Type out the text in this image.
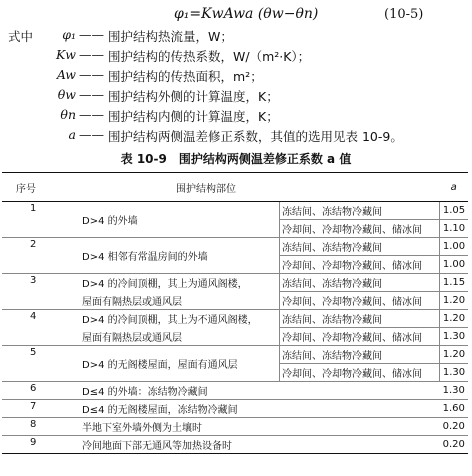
φ₁=KwAwa (θw−θn)	(10-5)
式中	φ₁ —— 围护结构热流量，W；
Kw —— 围护结构的传热系数，W/（m²·K）；
Aw —— 围护结构的传热面积，m²；
θw —— 围护结构外侧的计算温度，K；
θn —— 围护结构内侧的计算温度，K；
a —— 围护结构两侧温差修正系数，其值的选用见表 10-9。
表 10-9　围护结构两侧温差修正系数 a 值
序号	围护结构部位		a
1	D>4 的外墙	冻结间、冻结物冷藏间	1.05
		冷却间、冷却物冷藏间、储冰间	1.10
2	D>4 相邻有常温房间的外墙	冻结间、冻结物冷藏间	1.00
		冷却间、冷却物冷藏间、储冰间	1.00
3	D>4 的冷间顶棚，其上为通风阁楼，	冻结间、冻结物冷藏间	1.15
	屋面有隔热层或通风层	冷却间、冷却物冷藏间、储冰间	1.20
4	D>4 的冷间顶棚，其上为不通风阁楼，	冻结间、冻结物冷藏间	1.20
	屋面有隔热层或通风层	冷却间、冷却物冷藏间、储冰间	1.30
5	D>4 的无阁楼屋面，屋面有通风层	冻结间、冻结物冷藏间	1.20
		冷却间、冷却物冷藏间、储冰间	1.30
6	D≤4 的外墙：冻结物冷藏间		1.30
7	D≤4 的无阁楼屋面，冻结物冷藏间		1.60
8	半地下室外墙外侧为土壤时		0.20
9	冷间地面下部无通风等加热设备时		0.20
